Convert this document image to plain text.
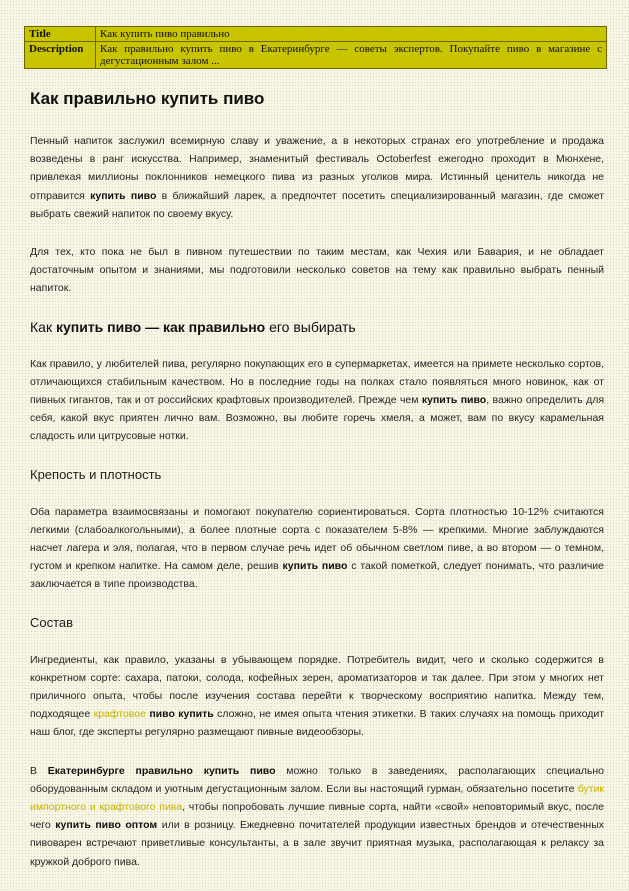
Title	Как купить пиво правильно
Description	Как правильно купить пиво в Екатеринбурге — советы экспертов. Покупайте пиво в магазине с дегустационным залом ...
Как правильно купить пиво

Пенный напиток заслужил всемирную славу и уважение, а в некоторых странах его употребление и продажа возведены в ранг искусства. Например, знаменитый фестиваль Octoberfest ежегодно проходит в Мюнхене, привлекая миллионы поклонников немецкого пива из разных уголков мира. Истинный ценитель никогда не отправится купить пиво в ближайший ларек, а предпочтет посетить специализированный магазин, где сможет выбрать свежий напиток по своему вкусу.

Для тех, кто пока не был в пивном путешествии по таким местам, как Чехия или Бавария, и не обладает достаточным опытом и знаниями, мы подготовили несколько советов на тему как правильно выбрать пенный напиток.

Как купить пиво — как правильно его выбирать

Как правило, у любителей пива, регулярно покупающих его в супермаркетах, имеется на примете несколько сортов, отличающихся стабильным качеством. Но в последние годы на полках стало появляться много новинок, как от пивных гигантов, так и от российских крафтовых производителей. Прежде чем купить пиво, важно определить для себя, какой вкус приятен лично вам. Возможно, вы любите горечь хмеля, а может, вам по вкусу карамельная сладость или цитрусовые нотки.

Крепость и плотность

Оба параметра взаимосвязаны и помогают покупателю сориентироваться. Сорта плотностью 10-12% считаются легкими (слабоалкогольными), а более плотные сорта с показателем 5-8% — крепкими. Многие заблуждаются насчет лагера и эля, полагая, что в первом случае речь идет об обычном светлом пиве, а во втором — о темном, густом и крепком напитке. На самом деле, решив купить пиво с такой пометкой, следует понимать, что различие заключается в типе производства.

Состав

Ингредиенты, как правило, указаны в убывающем порядке. Потребитель видит, чего и сколько содержится в конкретном сорте: сахара, патоки, солода, кофейных зерен, ароматизаторов и так далее. При этом у многих нет приличного опыта, чтобы после изучения состава перейти к творческому восприятию напитка. Между тем, подходящее крафтовое пиво купить сложно, не имея опыта чтения этикетки. В таких случаях на помощь приходит наш блог, где эксперты регулярно размещают пивные видеообзоры.

В Екатеринбурге правильно купить пиво можно только в заведениях, располагающих специально оборудованным складом и уютным дегустационным залом. Если вы настоящий гурман, обязательно посетите бутик импортного и крафтового пива, чтобы попробовать лучшие пивные сорта, найти «свой» неповторимый вкус, после чего купить пиво оптом или в розницу. Ежедневно почитателей продукции известных брендов и отечественных пивоварен встречают приветливые консультанты, а в зале звучит приятная музыка, располагающая к релаксу за кружкой доброго пива.
